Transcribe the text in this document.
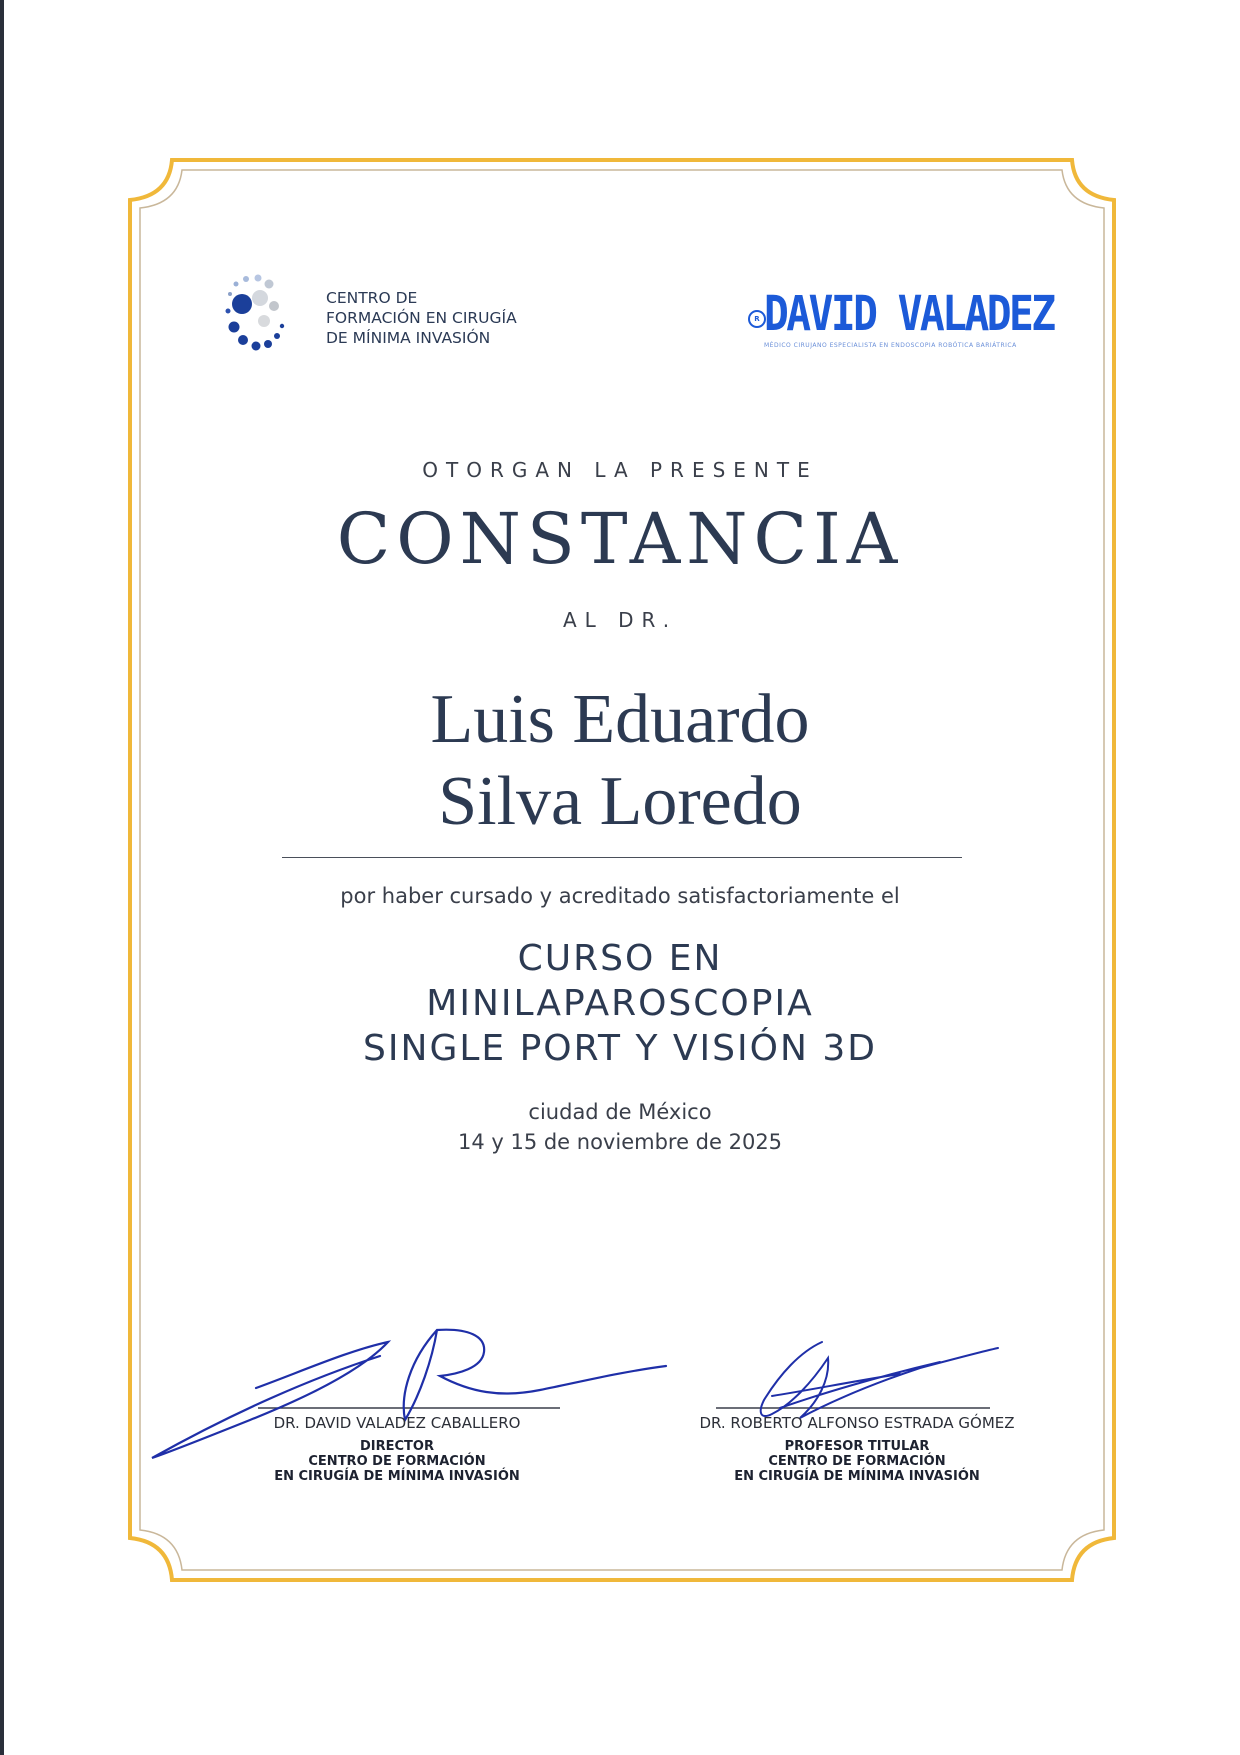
CENTRO DE
FORMACIÓN EN CIRUGÍA
DE MÍNIMA INVASIÓN
R DAVID VALADEZ
MÉDICO CIRUJANO ESPECIALISTA EN ENDOSCOPIA ROBÓTICA BARIÁTRICA
OTORGAN LA PRESENTE
CONSTANCIA
AL DR.
Luis Eduardo
Silva Loredo
por haber cursado y acreditado satisfactoriamente el
CURSO EN
MINILAPAROSCOPIA
SINGLE PORT Y VISIÓN 3D
ciudad de México
14 y 15 de noviembre de 2025
DR. DAVID VALADEZ CABALLERO
DIRECTOR
CENTRO DE FORMACIÓN
EN CIRUGÍA DE MÍNIMA INVASIÓN
DR. ROBERTO ALFONSO ESTRADA GÓMEZ
PROFESOR TITULAR
CENTRO DE FORMACIÓN
EN CIRUGÍA DE MÍNIMA INVASIÓN
